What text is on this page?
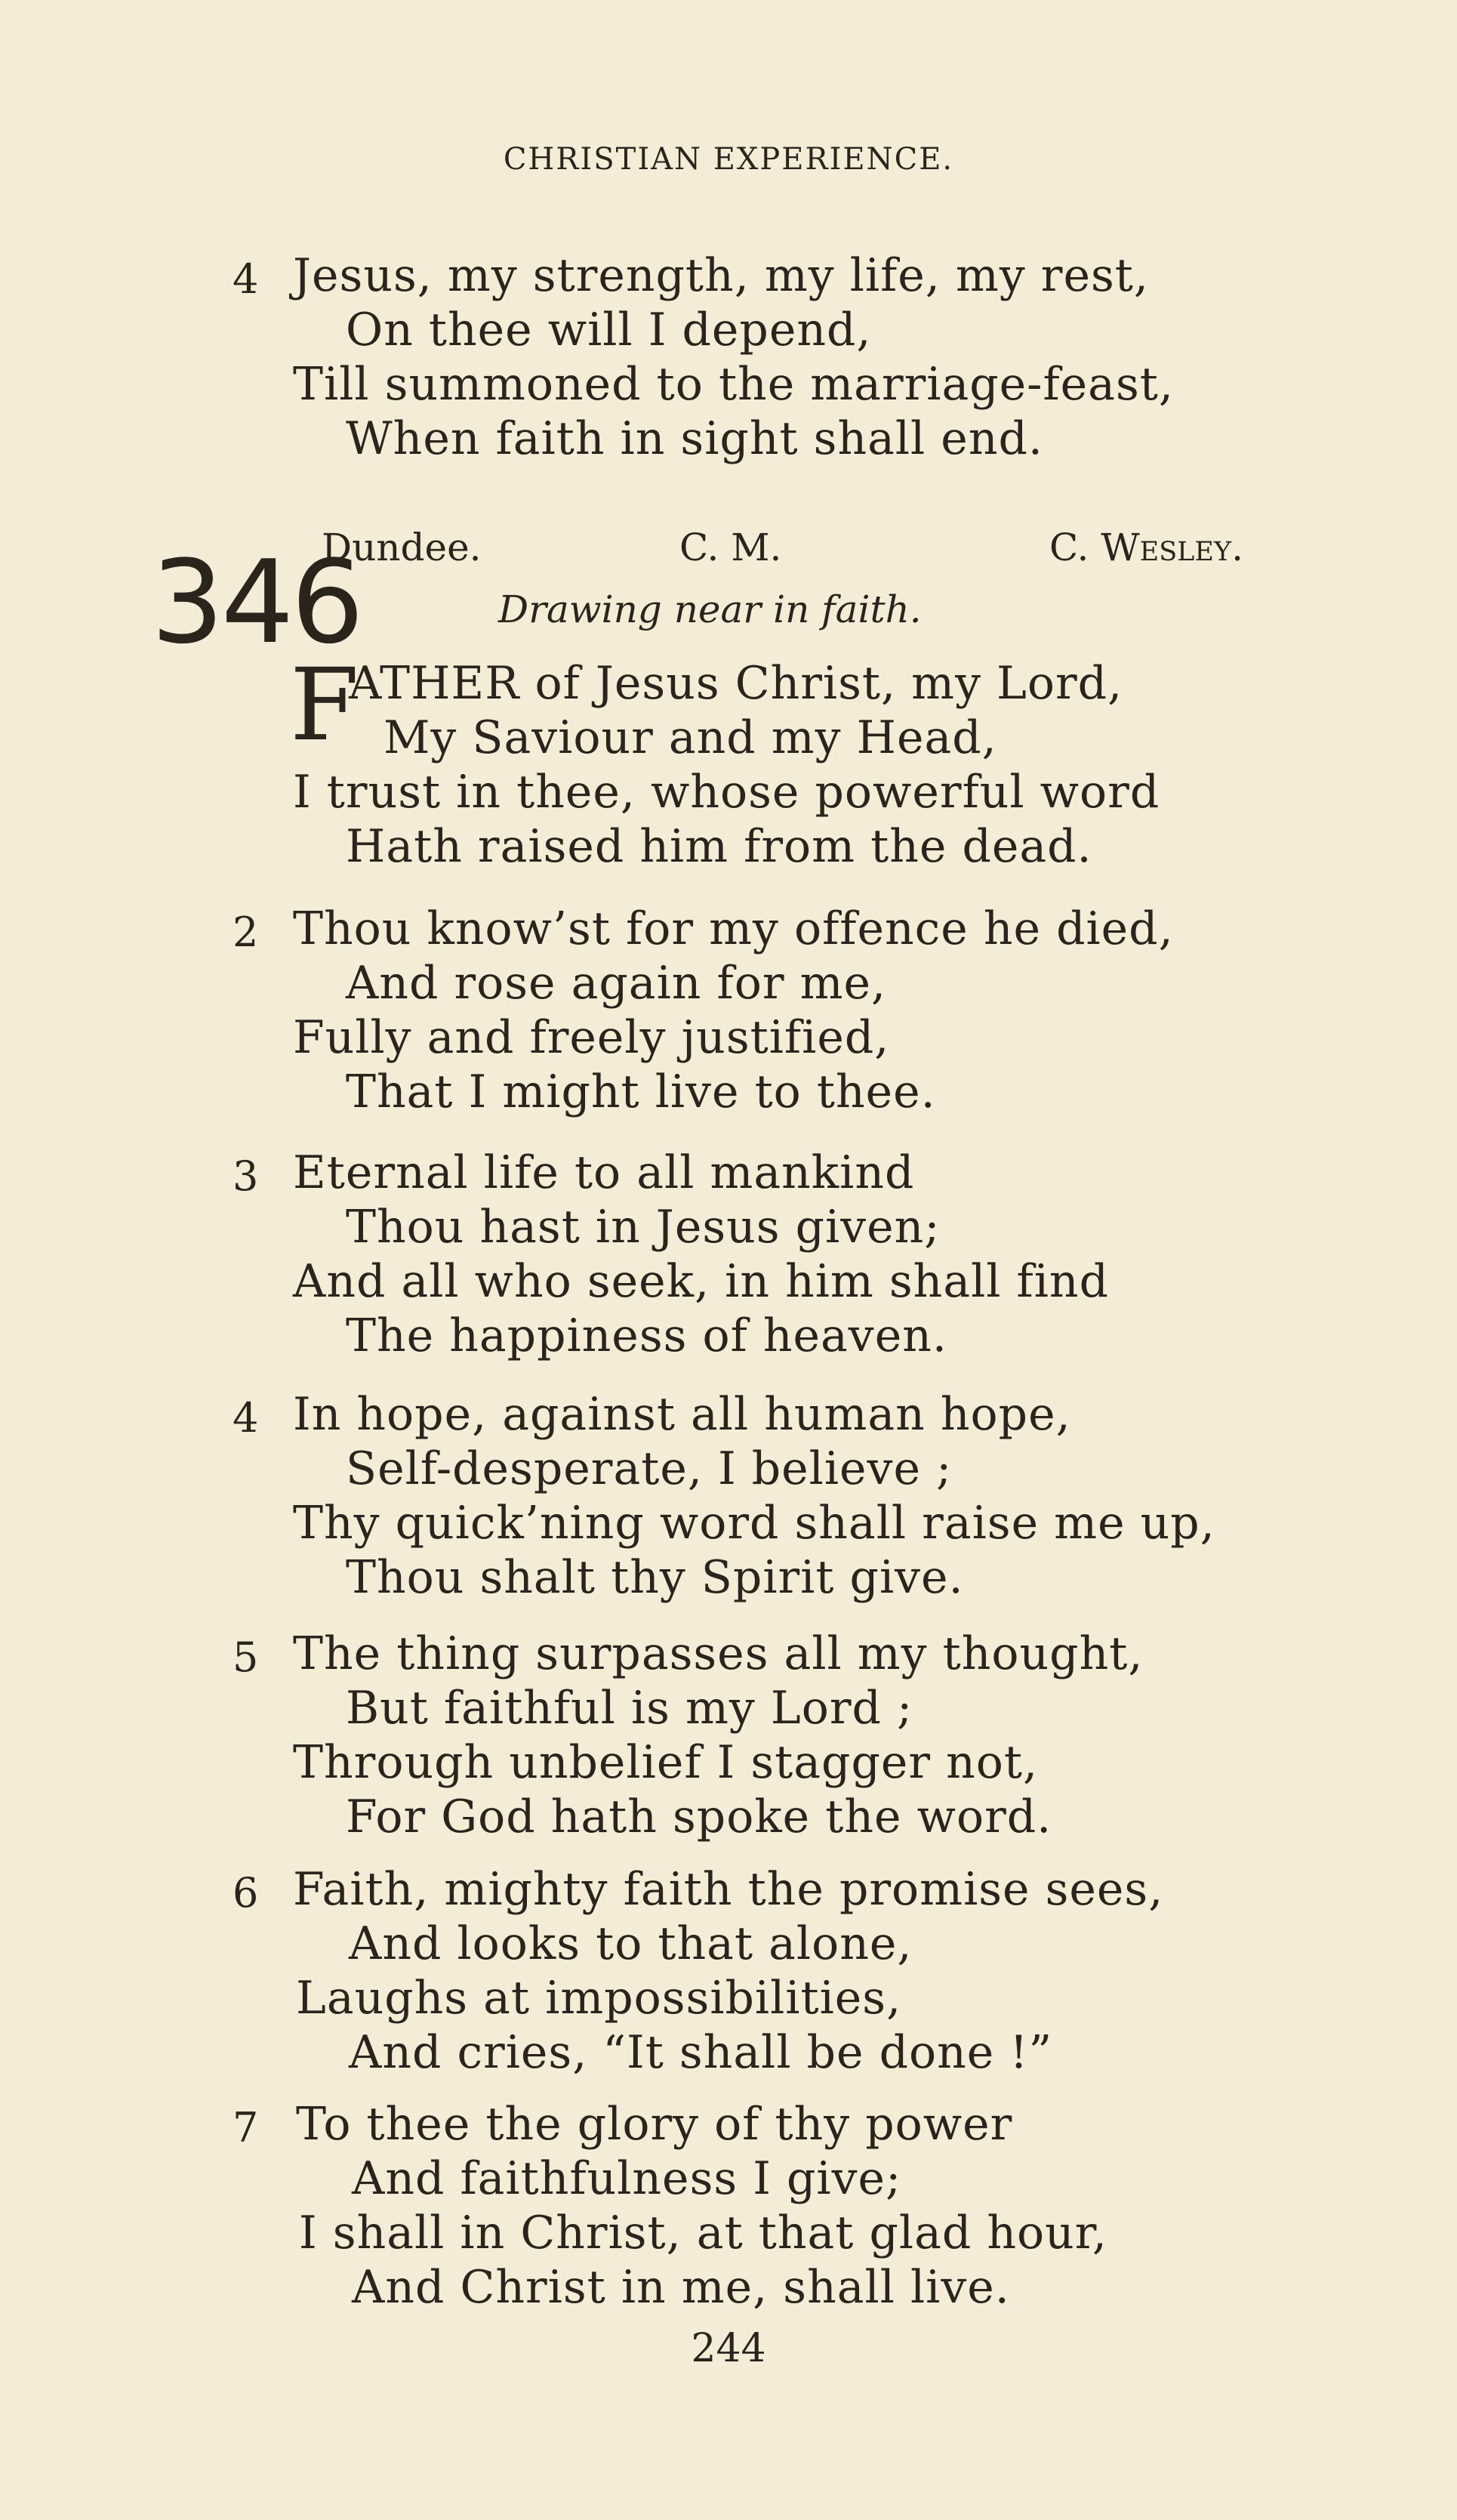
CHRISTIAN EXPERIENCE.
4 Jesus, my strength, my life, my rest,
On thee will I depend,
Till summoned to the marriage-feast,
When faith in sight shall end.
346
Dundee.	C. M.	C. Wesley.
Drawing near in faith.
F
ATHER of Jesus Christ, my Lord,
My Saviour and my Head,
I trust in thee, whose powerful word
Hath raised him from the dead.
2 Thou know’st for my offence he died,
And rose again for me,
Fully and freely justified,
That I might live to thee.
3 Eternal life to all mankind
Thou hast in Jesus given;
And all who seek, in him shall find
The happiness of heaven.
4 In hope, against all human hope,
Self-desperate, I believe ;
Thy quick’ning word shall raise me up,
Thou shalt thy Spirit give.
5 The thing surpasses all my thought,
But faithful is my Lord ;
Through unbelief I stagger not,
For God hath spoke the word.
6 Faith, mighty faith the promise sees,
And looks to that alone,
Laughs at impossibilities,
And cries, “It shall be done !”
7 To thee the glory of thy power
And faithfulness I give;
I shall in Christ, at that glad hour,
And Christ in me, shall live.
244
